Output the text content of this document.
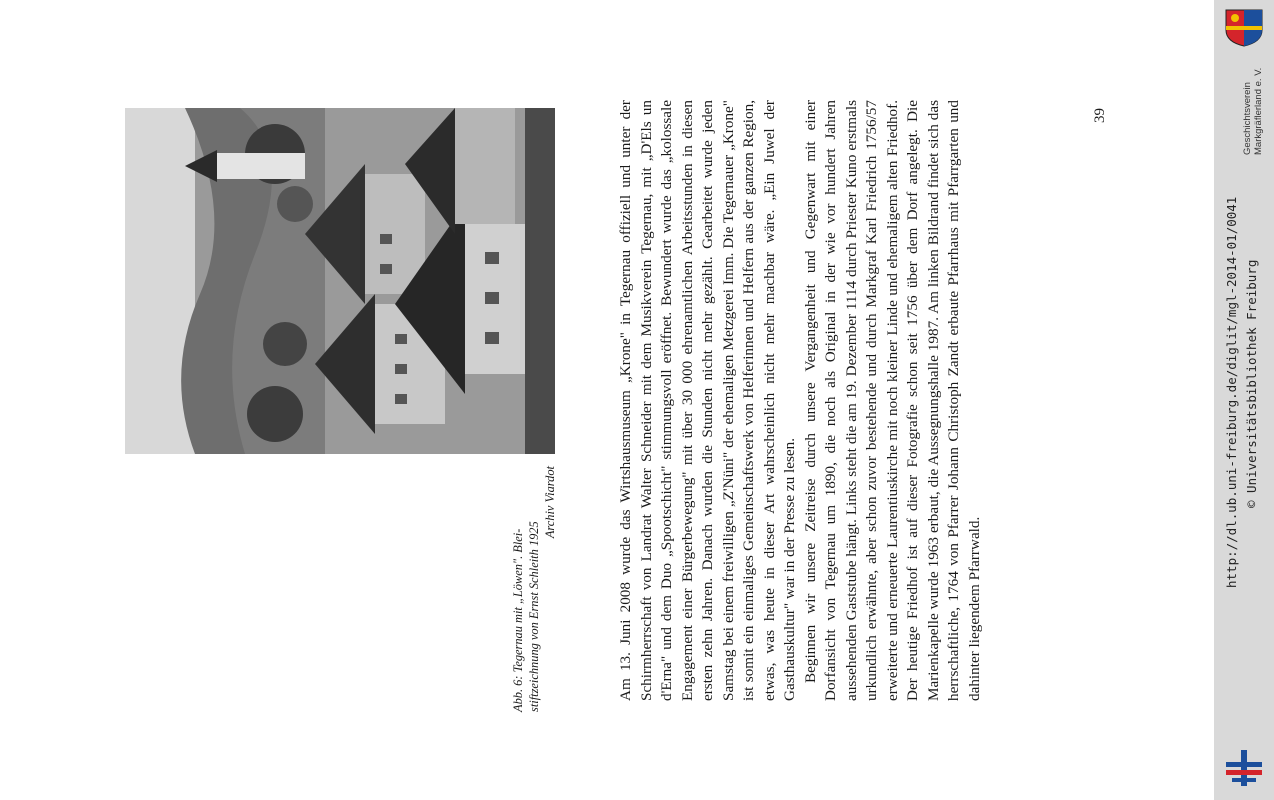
Abb. 6: Tegernau mit „Löwen". Blei- stiftzeichnung von Ernst Schleith 1925
Archiv Viardot	Am 13. Juni 2008 wurde das Wirtshausmuseum „Krone" in Tegernau offiziell und unter der Schirmherrschaft von Landrat Walter Schneider mit dem Musikverein Tegernau, mit „D'Els un d'Erna" und dem Duo „Spootschicht" stimmungsvoll eröffnet. Bewundert wurde das „kolossale Engagement einer Bürgerbewegung" mit über 30 000 ehrenamtlichen Arbeitsstunden in diesen ersten zehn Jahren. Danach wurden die Stunden nicht mehr gezählt. Gearbeitet wurde jeden Samstag bei einem freiwilligen „Z'Nüni" der ehemaligen Metzgerei Imm. Die Tegernauer „Krone" ist somit ein einmaliges Gemeinschaftswerk von Helferinnen und Helfern aus der ganzen Region, etwas, was heute in dieser Art wahrscheinlich nicht mehr machbar wäre. „Ein Juwel der Gasthauskultur" war in der Presse zu lesen. Beginnen wir unsere Zeitreise durch unsere Vergangenheit und Gegenwart mit einer Dorfansicht von Tegernau um 1890, die noch als Original in der wie vor hundert Jahren aussehenden Gaststube hängt. Links steht die am 19. Dezember 1114 durch Priester Kuno erstmals urkundlich erwähnte, aber schon zuvor bestehende und durch Markgraf Karl Friedrich 1756/57 erweiterte und erneuerte Laurentiuskirche mit noch kleiner Linde und ehemaligem alten Friedhof. Der heutige Friedhof ist auf dieser Fotografie schon seit 1756 über dem Dorf angelegt. Die Marienkapelle wurde 1963 erbaut, die Aussegnungshalle 1987. Am linken Bildrand findet sich das herrschaftliche, 1764 von Pfarrer Johann Christoph Zandt erbaute Pfarrhaus mit Pfarrgarten und dahinter liegendem Pfarrwald.

39
http://dl.ub.uni-freiburg.de/diglit/mgl-2014-01/0041 © Universitätsbibliothek Freiburg
Geschichtsverein Markgräflerland e. V.
